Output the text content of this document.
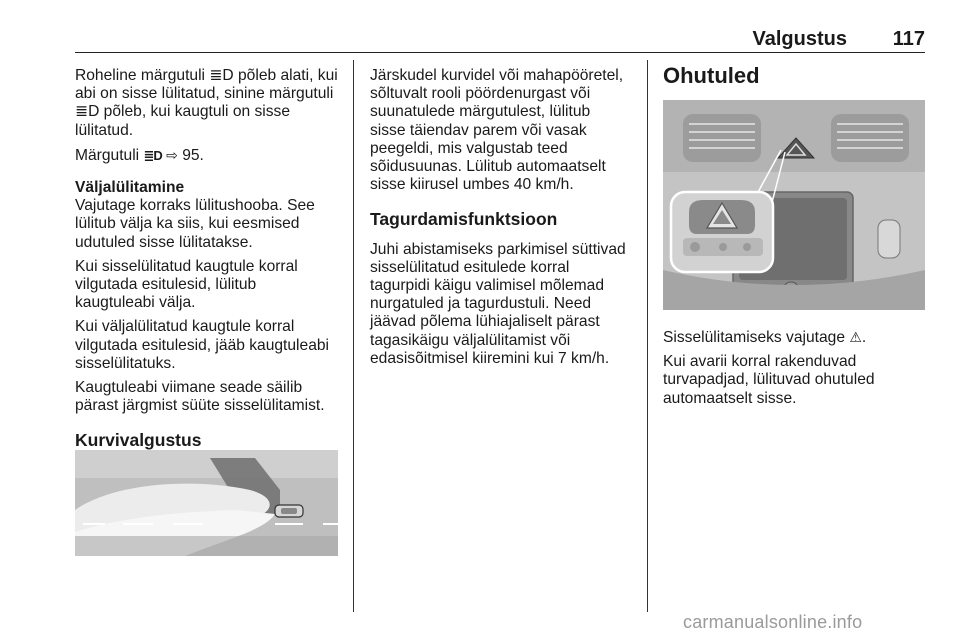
Valgustus 117

Roheline märgutuli ≣D põleb alati, kui
abi on sisse lülitatud, sinine märgutuli
≣D põleb, kui kaugtuli on sisse
lülitatud.

Märgutuli ≣D ⇨ 95.

Väljalülitamine

Vajutage korraks lülitushooba. See
lülitub välja ka siis, kui eesmised
udutuled sisse lülitatakse.

Kui sisselülitatud kaugtule korral
vilgutada esitulesid, lülitub
kaugtuleabi välja.

Kui väljalülitatud kaugtule korral
vilgutada esitulesid, jääb kaugtuleabi
sisselülitatuks.

Kaugtuleabi viimane seade säilib
pärast järgmist süüte sisselülitamist.

Kurvivalgustus

Järskudel kurvidel või mahapööretel,
sõltuvalt rooli pöördenurgast või
suunatulede märgutulest, lülitub
sisse täiendav parem või vasak
peegeldi, mis valgustab teed
sõidusuunas. Lülitub automaatselt
sisse kiirusel umbes 40 km/h.

Tagurdamisfunktsioon

Juhi abistamiseks parkimisel süttivad
sisselülitatud esitulede korral
tagurpidi käigu valimisel mõlemad
nurgatuled ja tagurdustuli. Need
jäävad põlema lühiajaliselt pärast
tagasikäigu väljalülitamist või
edasisõitmisel kiiremini kui 7 km/h.

Ohutuled

Sisselülitamiseks vajutage ⚠.

Kui avarii korral rakenduvad
turvapadjad, lülituvad ohutuled
automaatselt sisse.

carmanualsonline.info
